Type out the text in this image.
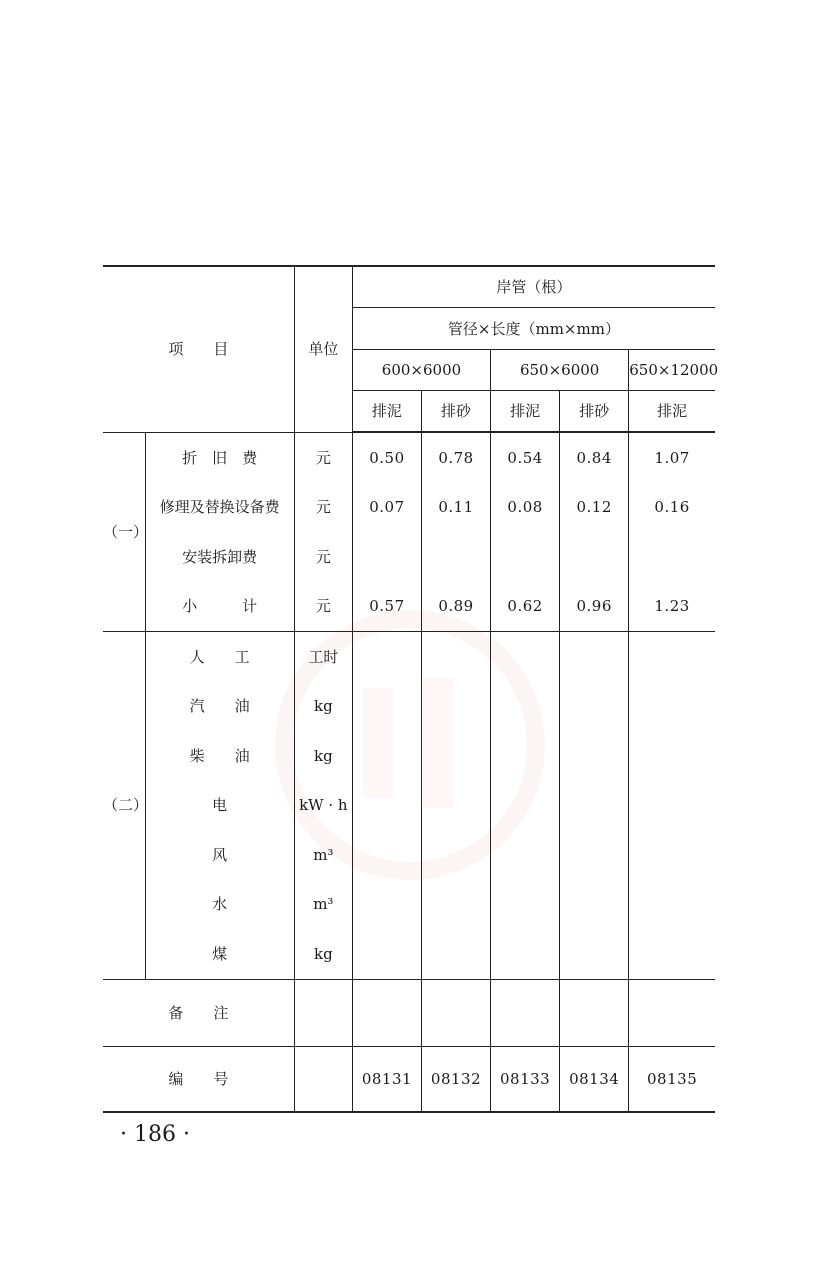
项　　目		单位	岸管（根）				
			管径×长度（mm×mm）				
			600×6000		650×6000		650×12000
			排泥	排砂	排泥	排砂	排泥
（一）	折　旧　费	元	0.50	0.78	0.54	0.84	1.07
	修理及替换设备费	元	0.07	0.11	0.08	0.12	0.16
	安装拆卸费	元					
	小　　　计	元	0.57	0.89	0.62	0.96	1.23
（二）	人　　工	工时					
	汽　　油	kg					
	柴　　油	kg					
	电	kW · h					
	风	m³					
	水	m³					
	煤	kg					
备　　注							
编　　号			08131	08132	08133	08134	08135
· 186 ·
